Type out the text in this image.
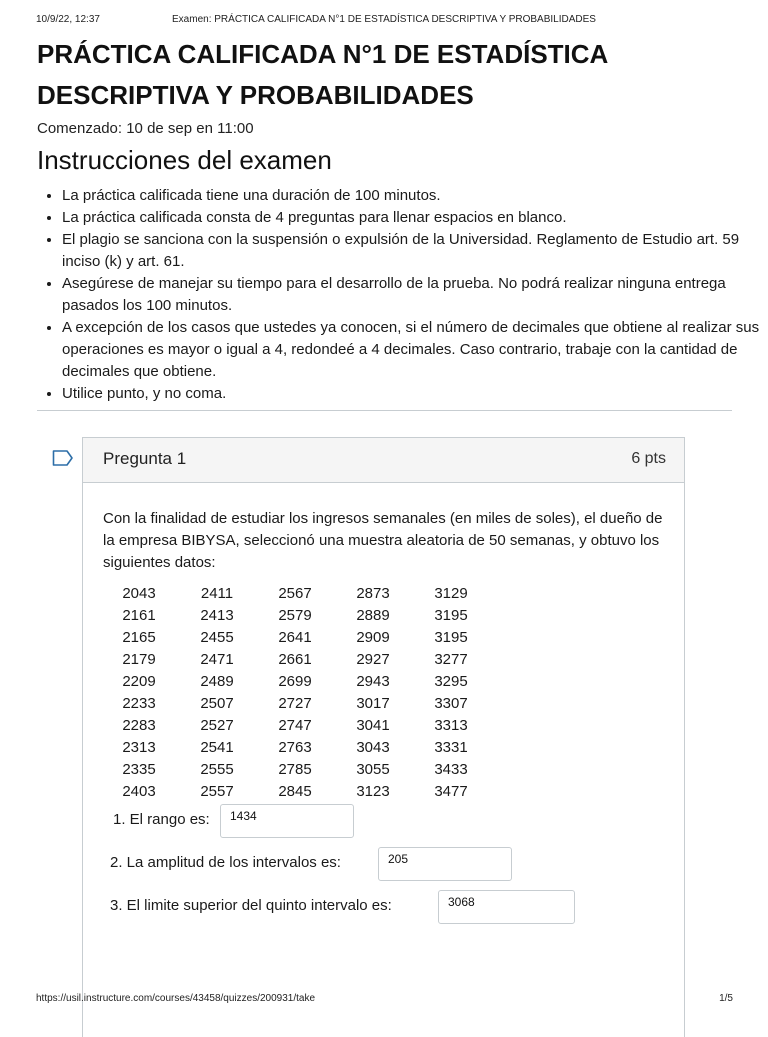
10/9/22, 12:37	Examen: PRÁCTICA CALIFICADA N°1 DE ESTADÍSTICA DESCRIPTIVA Y PROBABILIDADES
PRÁCTICA CALIFICADA N°1 DE ESTADÍSTICA DESCRIPTIVA Y PROBABILIDADES
Comenzado: 10 de sep en 11:00
Instrucciones del examen
• La práctica calificada tiene una duración de 100 minutos.
• La práctica calificada consta de 4 preguntas para llenar espacios en blanco.
• El plagio se sanciona con la suspensión o expulsión de la Universidad. Reglamento de Estudio art. 59 inciso (k) y art. 61.
• Asegúrese de manejar su tiempo para el desarrollo de la prueba. No podrá realizar ninguna entrega pasados los 100 minutos.
• A excepción de los casos que ustedes ya conocen, si el número de decimales que obtiene al realizar sus operaciones es mayor o igual a 4, redondeé a 4 decimales. Caso contrario, trabaje con la cantidad de decimales que obtiene.
• Utilice punto, y no coma.
Pregunta 1	6 pts

Con la finalidad de estudiar los ingresos semanales (en miles de soles), el dueño de la empresa BIBYSA, seleccionó una muestra aleatoria de 50 semanas, y obtuvo los siguientes datos:

2043	2411	2567	2873	3129
2161	2413	2579	2889	3195
2165	2455	2641	2909	3195
2179	2471	2661	2927	3277
2209	2489	2699	2943	3295
2233	2507	2727	3017	3307
2283	2527	2747	3041	3313
2313	2541	2763	3043	3331
2335	2555	2785	3055	3433
2403	2557	2845	3123	3477
1. El rango es:
1434
2. La amplitud de los intervalos es:
205
3. El limite superior del quinto intervalo es:
3068
https://usil.instructure.com/courses/43458/quizzes/200931/take	1/5
